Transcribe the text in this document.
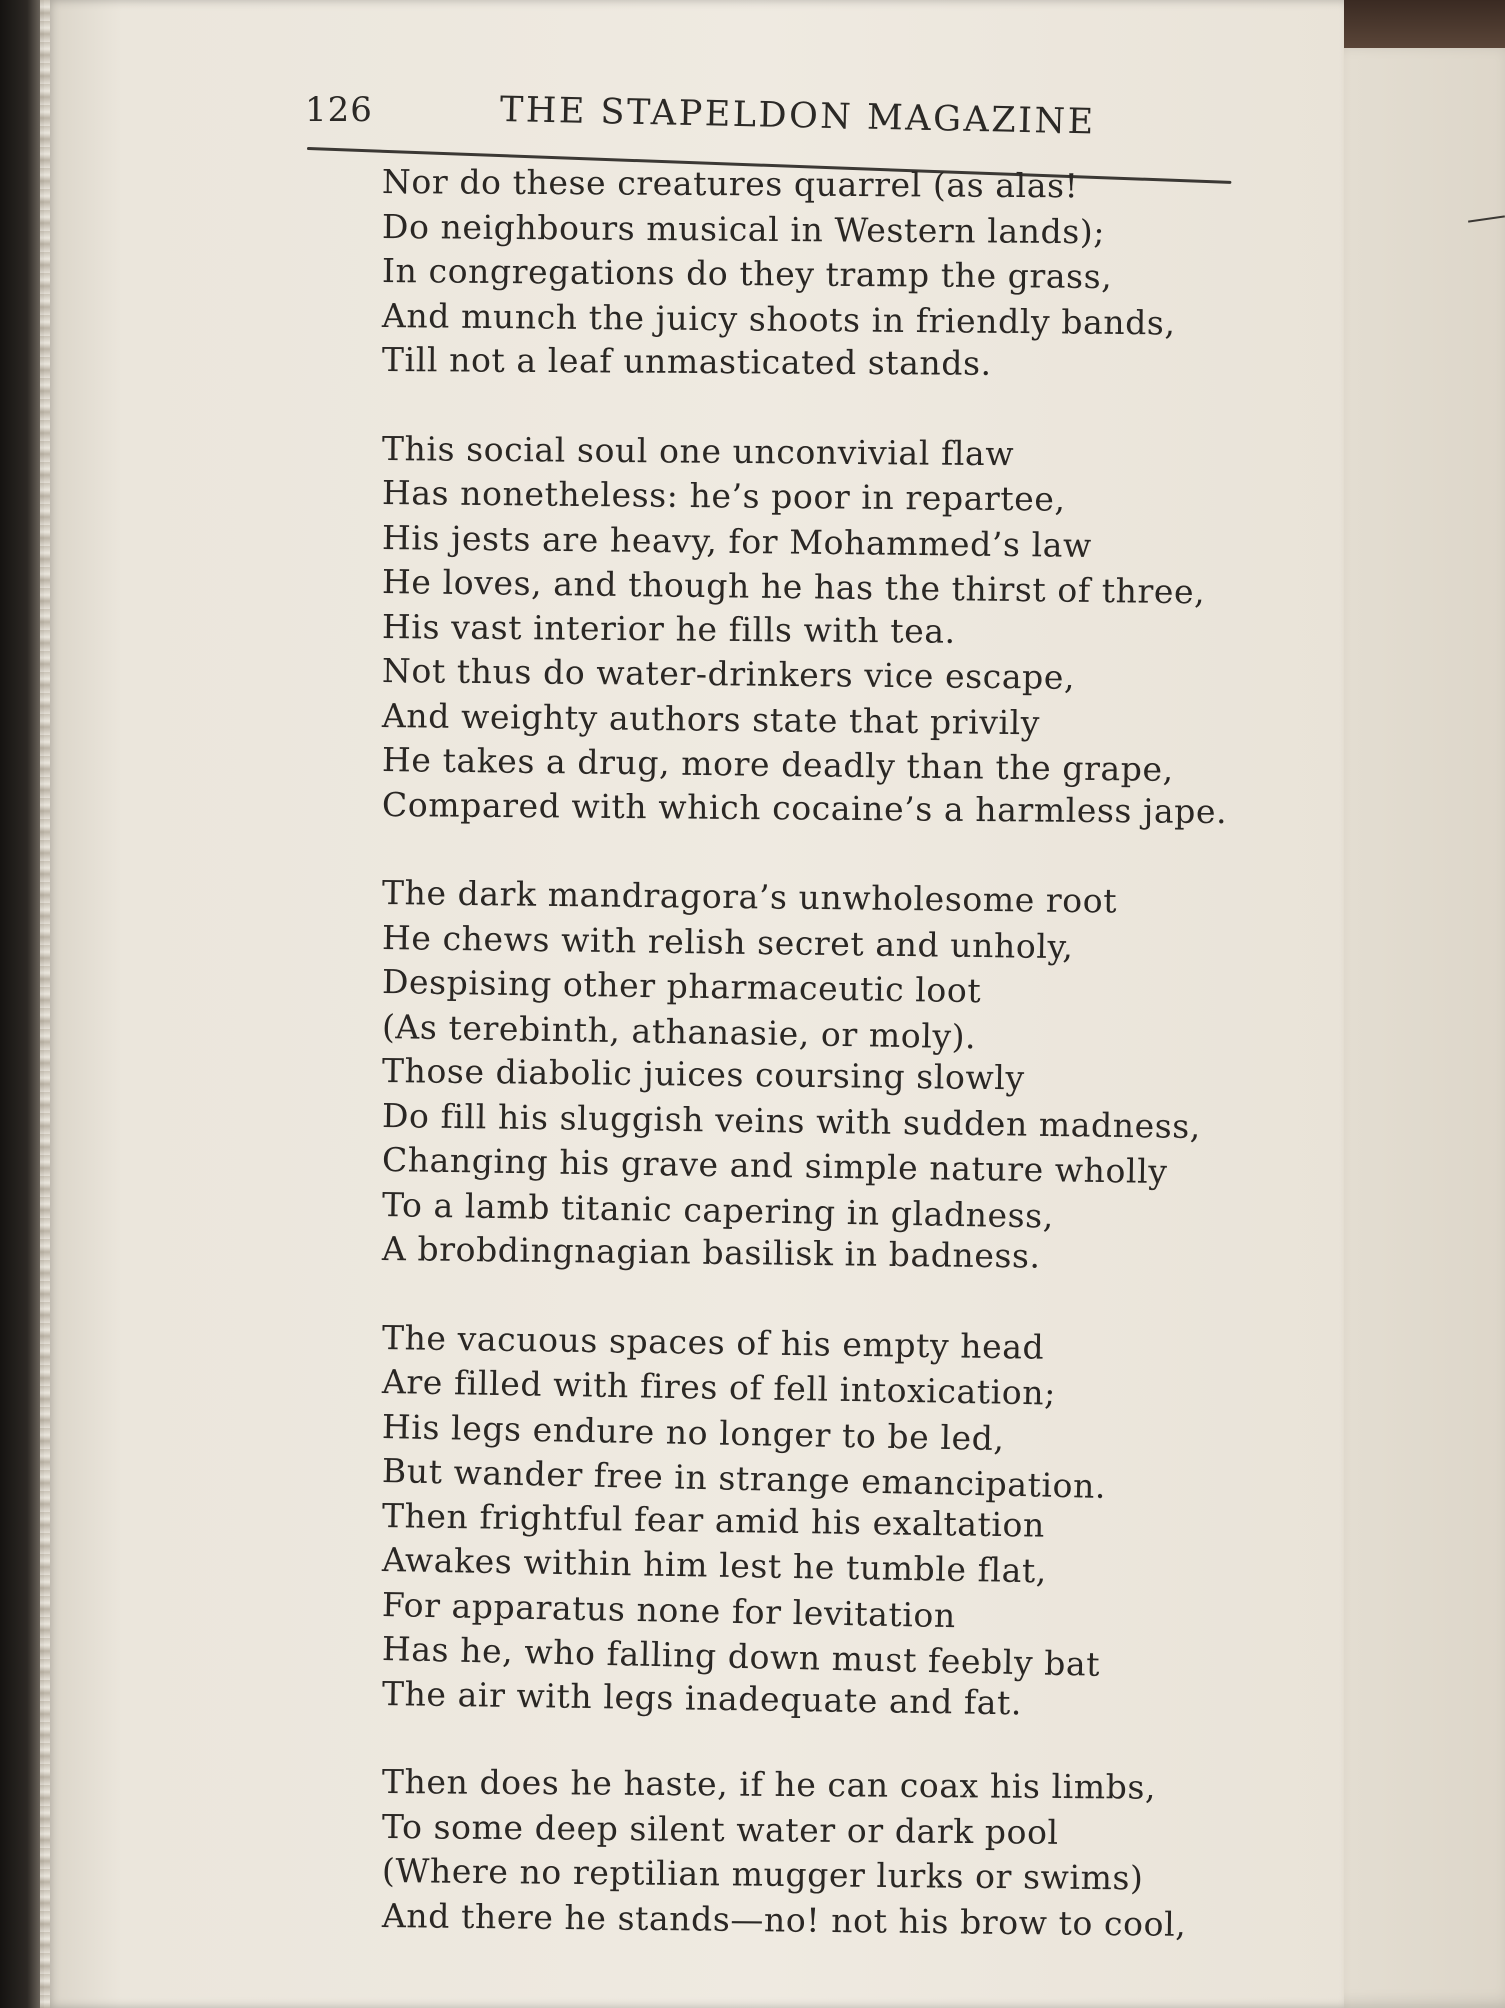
126	THE STAPELDON MAGAZINE
Nor do these creatures quarrel (as alas!
Do neighbours musical in Western lands);
In congregations do they tramp the grass,
And munch the juicy shoots in friendly bands,
Till not a leaf unmasticated stands.
This social soul one unconvivial flaw
Has nonetheless: he’s poor in repartee,
His jests are heavy, for Mohammed’s law
He loves, and though he has the thirst of three,
His vast interior he fills with tea.
Not thus do water-drinkers vice escape,
And weighty authors state that privily
He takes a drug, more deadly than the grape,
Compared with which cocaine’s a harmless jape.
The dark mandragora’s unwholesome root
He chews with relish secret and unholy,
Despising other pharmaceutic loot
(As terebinth, athanasie, or moly).
Those diabolic juices coursing slowly
Do fill his sluggish veins with sudden madness,
Changing his grave and simple nature wholly
To a lamb titanic capering in gladness,
A brobdingnagian basilisk in badness.
The vacuous spaces of his empty head
Are filled with fires of fell intoxication;
His legs endure no longer to be led,
But wander free in strange emancipation.
Then frightful fear amid his exaltation
Awakes within him lest he tumble flat,
For apparatus none for levitation
Has he, who falling down must feebly bat
The air with legs inadequate and fat.
Then does he haste, if he can coax his limbs,
To some deep silent water or dark pool
(Where no reptilian mugger lurks or swims)
And there he stands—no! not his brow to cool,
